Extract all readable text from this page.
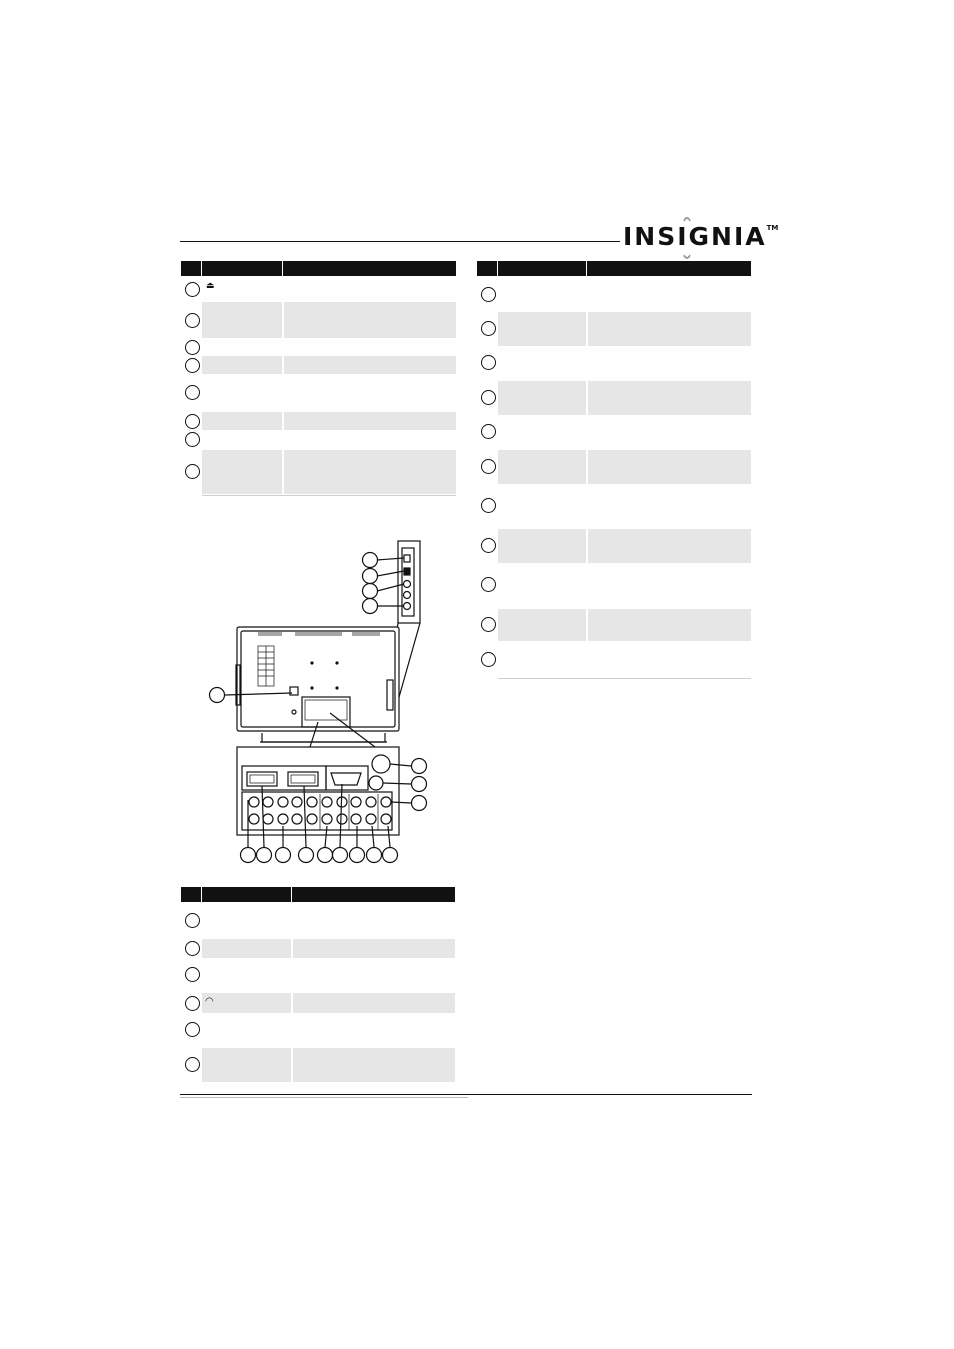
INSIGNIA™
⏏
◠
